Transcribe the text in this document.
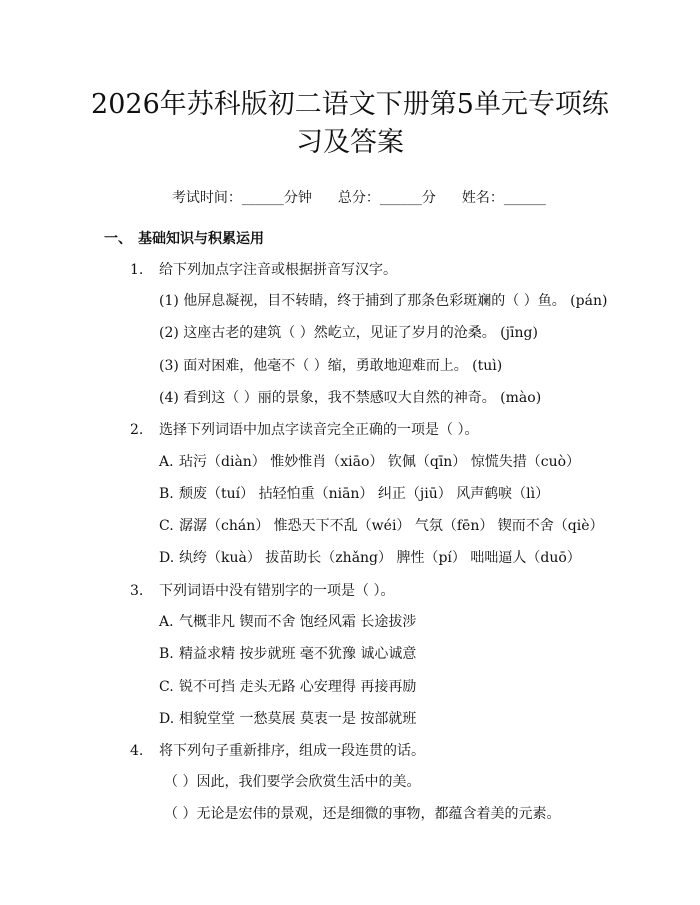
2026年苏科版初二语文下册第5单元专项练
习及答案

考试时间：______分钟 总分：______分 姓名：______

一、 基础知识与积累运用
1. 给下列加点字注音或根据拼音写汉字。
(1) 他屏息凝视，目不转睛，终于捕到了那条色彩斑斓的（ ）鱼。 (pán)
(2) 这座古老的建筑（ ）然屹立，见证了岁月的沧桑。 (jīng)
(3) 面对困难，他毫不（ ）缩，勇敢地迎难而上。 (tuì)
(4) 看到这（ ）丽的景象，我不禁感叹大自然的神奇。 (mào)
2. 选择下列词语中加点字读音完全正确的一项是（ ）。
A. 玷污（diàn） 惟妙惟肖（xiāo） 钦佩（qīn） 惊慌失措（cuò）
B. 颓废（tuí） 拈轻怕重（niān） 纠正（jiū） 风声鹤唳（lì）
C. 潺潺（chán） 惟恐天下不乱（wéi） 气氛（fēn） 锲而不舍（qiè）
D. 纨绔（kuà） 拔苗助长（zhǎng） 脾性（pí） 咄咄逼人（duō）
3. 下列词语中没有错别字的一项是（ ）。
A. 气概非凡 锲而不舍 饱经风霜 长途拔涉
B. 精益求精 按步就班 毫不犹豫 诚心诚意
C. 锐不可挡 走头无路 心安理得 再接再励
D. 相貌堂堂 一愁莫展 莫衷一是 按部就班
4. 将下列句子重新排序，组成一段连贯的话。
（ ）因此，我们要学会欣赏生活中的美。
（ ）无论是宏伟的景观，还是细微的事物，都蕴含着美的元素。
